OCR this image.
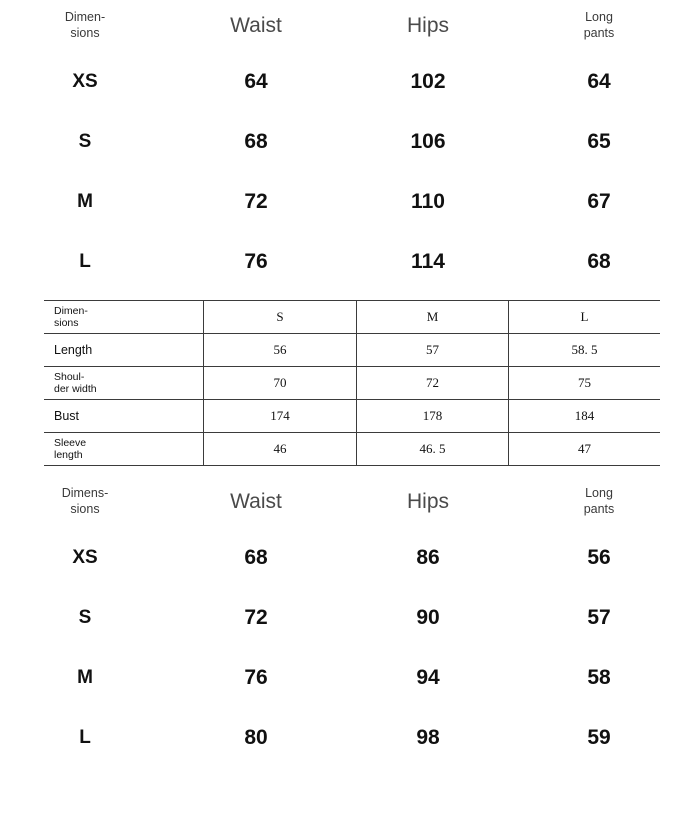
Dimen-
sions	Waist	Hips	Long
pants

XS	64	102	64
S	68	106	65
M	72	110	67
L	76	114	68
Dimen-
sions	S	M	L
Length	56	57	58. 5

Shoul-
der width	70	72	75
Bust	174	178	184

Sleeve
length	46	46. 5	47
Dimens-
sions	Waist	Hips	Long
pants

XS	68	86	56
S	72	90	57
M	76	94	58
L	80	98	59
